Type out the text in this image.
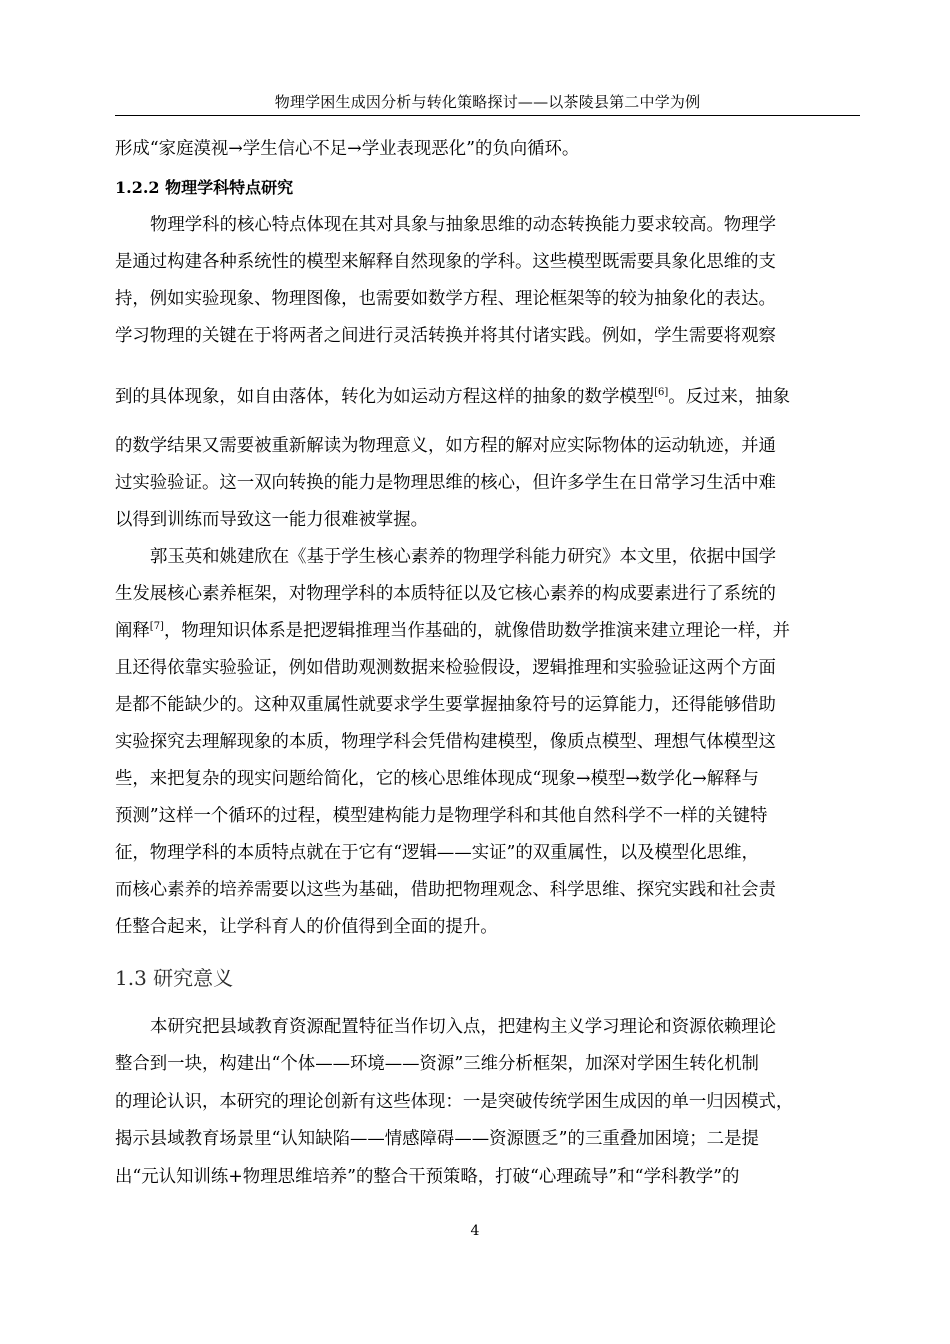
物理学困生成因分析与转化策略探讨——以茶陵县第二中学为例
形成“家庭漠视→学生信心不足→学业表现恶化”的负向循环。
1.2.2 物理学科特点研究
物理学科的核心特点体现在其对具象与抽象思维的动态转换能力要求较高。物理学
是通过构建各种系统性的模型来解释自然现象的学科。这些模型既需要具象化思维的支
持，例如实验现象、物理图像，也需要如数学方程、理论框架等的较为抽象化的表达。
学习物理的关键在于将两者之间进行灵活转换并将其付诸实践。例如，学生需要将观察
到的具体现象，如自由落体，转化为如运动方程这样的抽象的数学模型[6]。反过来，抽象
的数学结果又需要被重新解读为物理意义，如方程的解对应实际物体的运动轨迹，并通
过实验验证。这一双向转换的能力是物理思维的核心，但许多学生在日常学习生活中难
以得到训练而导致这一能力很难被掌握。
郭玉英和姚建欣在《基于学生核心素养的物理学科能力研究》本文里，依据中国学
生发展核心素养框架，对物理学科的本质特征以及它核心素养的构成要素进行了系统的
阐释[7]，物理知识体系是把逻辑推理当作基础的，就像借助数学推演来建立理论一样，并
且还得依靠实验验证，例如借助观测数据来检验假设，逻辑推理和实验验证这两个方面
是都不能缺少的。这种双重属性就要求学生要掌握抽象符号的运算能力，还得能够借助
实验探究去理解现象的本质，物理学科会凭借构建模型，像质点模型、理想气体模型这
些，来把复杂的现实问题给简化，它的核心思维体现成“现象→模型→数学化→解释与
预测”这样一个循环的过程，模型建构能力是物理学科和其他自然科学不一样的关键特
征，物理学科的本质特点就在于它有“逻辑——实证”的双重属性，以及模型化思维，
而核心素养的培养需要以这些为基础，借助把物理观念、科学思维、探究实践和社会责
任整合起来，让学科育人的价值得到全面的提升。
1.3 研究意义
本研究把县域教育资源配置特征当作切入点，把建构主义学习理论和资源依赖理论
整合到一块，构建出“个体——环境——资源”三维分析框架，加深对学困生转化机制
的理论认识，本研究的理论创新有这些体现：一是突破传统学困生成因的单一归因模式，
揭示县域教育场景里“认知缺陷——情感障碍——资源匮乏”的三重叠加困境；二是提
出“元认知训练+物理思维培养”的整合干预策略，打破“心理疏导”和“学科教学”的
4
